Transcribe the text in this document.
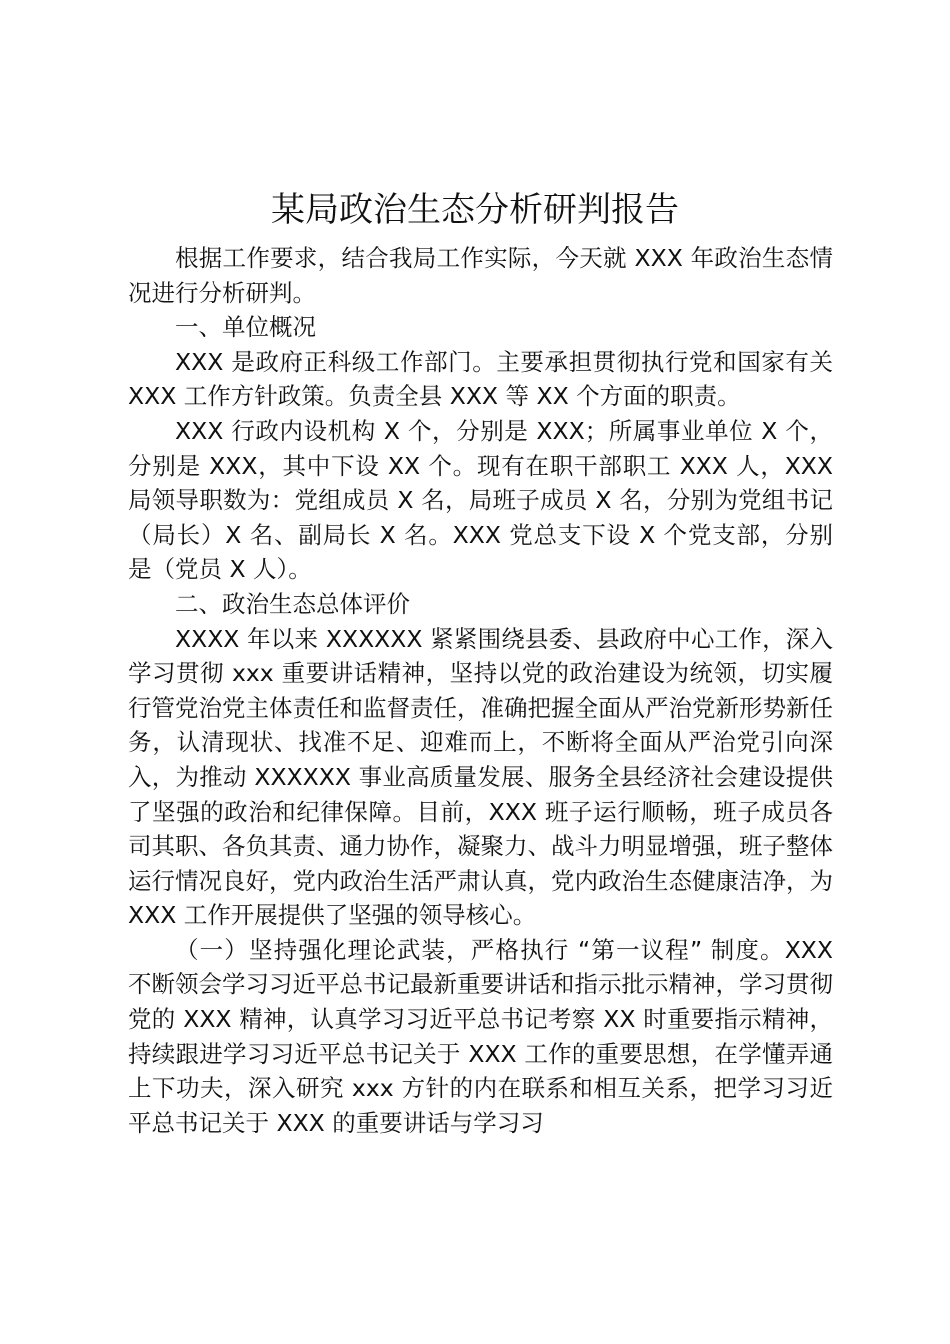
某局政治生态分析研判报告

根据工作要求，结合我局工作实际，今天就 XXX 年政治生态情况进行分析研判。

一、单位概况

XXX 是政府正科级工作部门。主要承担贯彻执行党和国家有关 XXX 工作方针政策。负责全县 XXX 等 XX 个方面的职责。

XXX 行政内设机构 X 个，分别是 XXX；所属事业单位 X 个，分别是 XXX，其中下设 XX 个。现有在职干部职工 XXX 人，XXX 局领导职数为：党组成员 X 名，局班子成员 X 名，分别为党组书记（局长）X 名、副局长 X 名。XXX 党总支下设 X 个党支部，分别是（党员 X 人）。

二、政治生态总体评价

XXXX 年以来 XXXXXX 紧紧围绕县委、县政府中心工作，深入学习贯彻 xxx 重要讲话精神，坚持以党的政治建设为统领，切实履行管党治党主体责任和监督责任，准确把握全面从严治党新形势新任务，认清现状、找准不足、迎难而上，不断将全面从严治党引向深入，为推动 XXXXXX 事业高质量发展、服务全县经济社会建设提供了坚强的政治和纪律保障。目前，XXX 班子运行顺畅，班子成员各司其职、各负其责、通力协作，凝聚力、战斗力明显增强，班子整体运行情况良好，党内政治生活严肃认真，党内政治生态健康洁净，为 XXX 工作开展提供了坚强的领导核心。

（一）坚持强化理论武装，严格执行 “第一议程” 制度。XXX 不断领会学习习近平总书记最新重要讲话和指示批示精神，学习贯彻党的 XXX 精神，认真学习习近平总书记考察 XX 时重要指示精神，持续跟进学习习近平总书记关于 XXX 工作的重要思想，在学懂弄通上下功夫，深入研究 xxx 方针的内在联系和相互关系，把学习习近平总书记关于 XXX 的重要讲话与学习习
